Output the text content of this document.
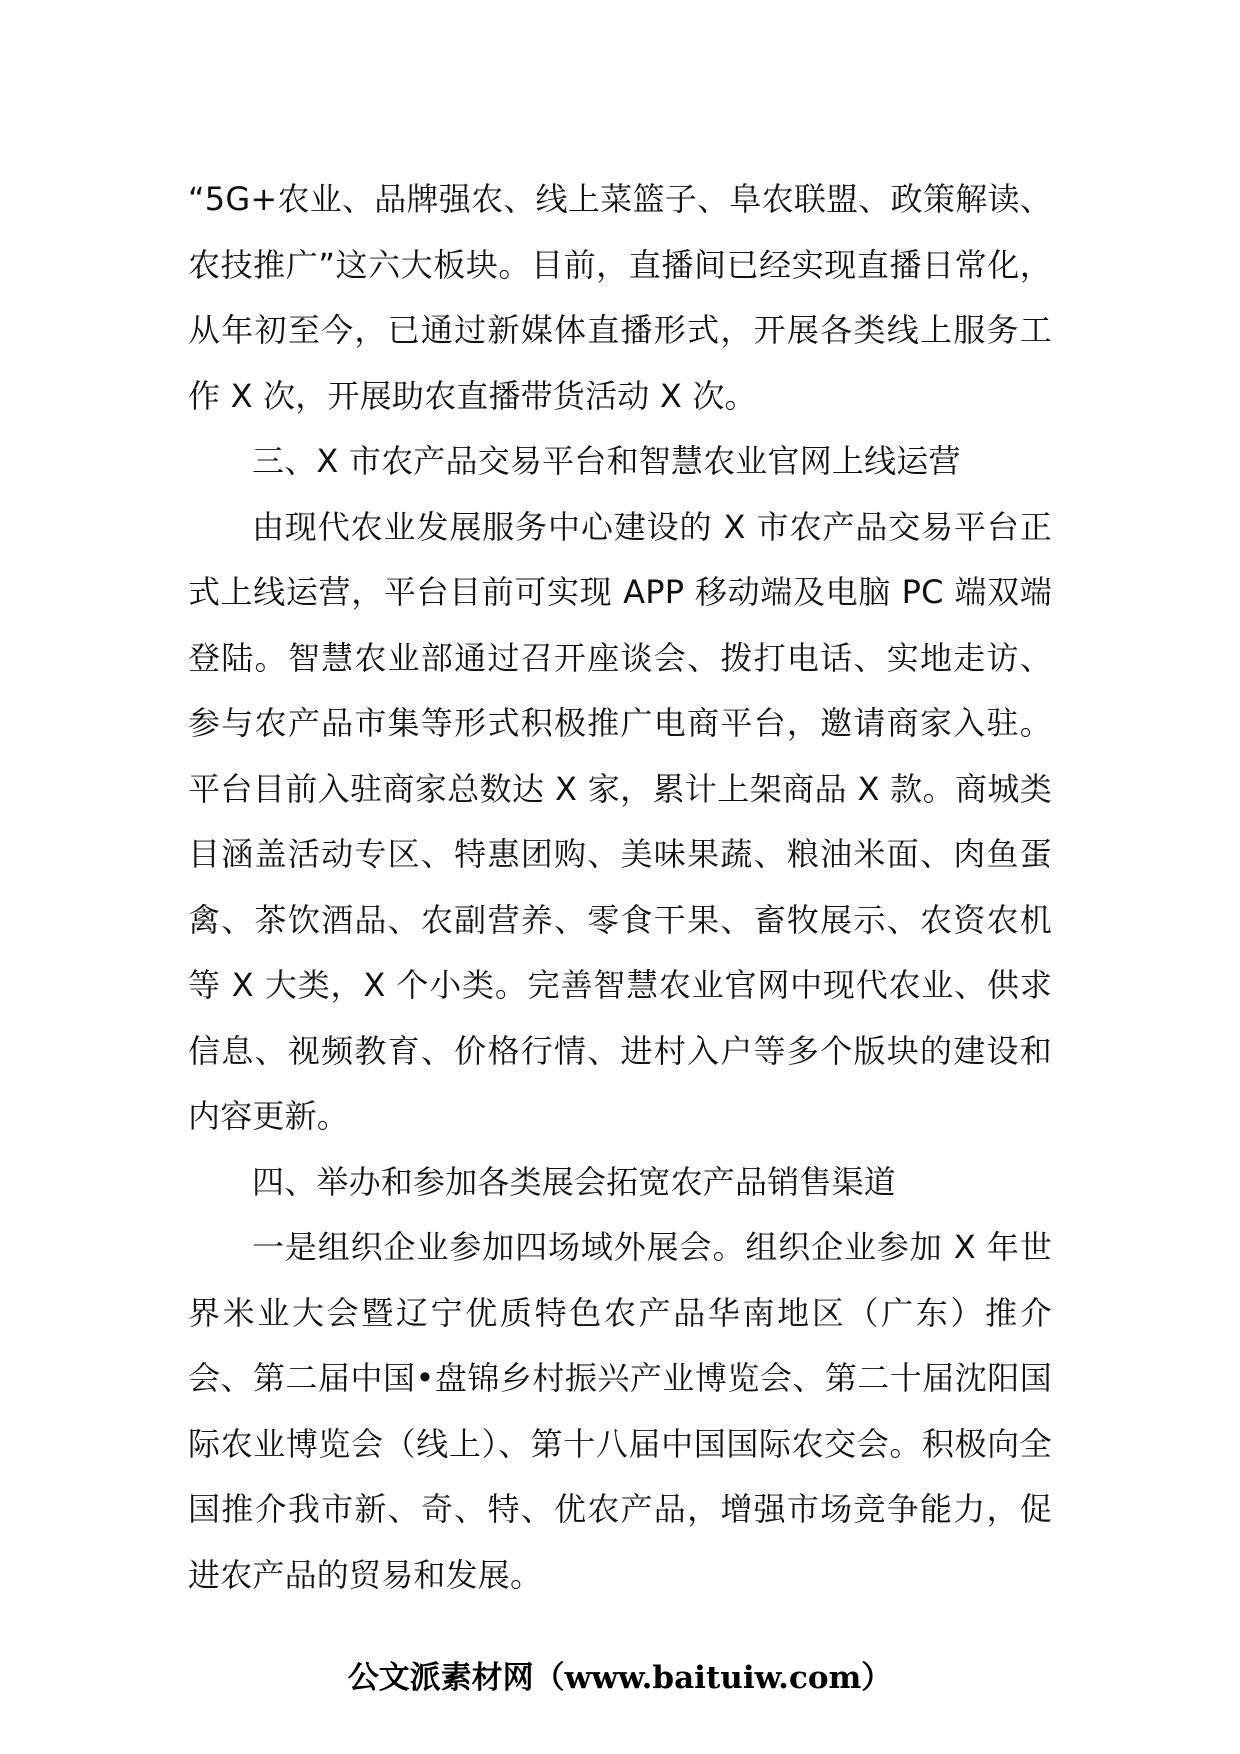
“5G+农业、品牌强农、线上菜篮子、阜农联盟、政策解读、农技推广”这六大板块。目前，直播间已经实现直播日常化，从年初至今，已通过新媒体直播形式，开展各类线上服务工作 X 次，开展助农直播带货活动 X 次。

三、X 市农产品交易平台和智慧农业官网上线运营

由现代农业发展服务中心建设的 X 市农产品交易平台正式上线运营，平台目前可实现 APP 移动端及电脑 PC 端双端登陆。智慧农业部通过召开座谈会、拨打电话、实地走访、参与农产品市集等形式积极推广电商平台，邀请商家入驻。平台目前入驻商家总数达 X 家，累计上架商品 X 款。商城类目涵盖活动专区、特惠团购、美味果蔬、粮油米面、肉鱼蛋禽、茶饮酒品、农副营养、零食干果、畜牧展示、农资农机等 X 大类，X 个小类。完善智慧农业官网中现代农业、供求信息、视频教育、价格行情、进村入户等多个版块的建设和内容更新。

四、举办和参加各类展会拓宽农产品销售渠道

一是组织企业参加四场域外展会。组织企业参加 X 年世界米业大会暨辽宁优质特色农产品华南地区（广东）推介会、第二届中国•盘锦乡村振兴产业博览会、第二十届沈阳国际农业博览会（线上）、第十八届中国国际农交会。积极向全国推介我市新、奇、特、优农产品，增强市场竞争能力，促进农产品的贸易和发展。

公文派素材网（www.baituiw.com）
